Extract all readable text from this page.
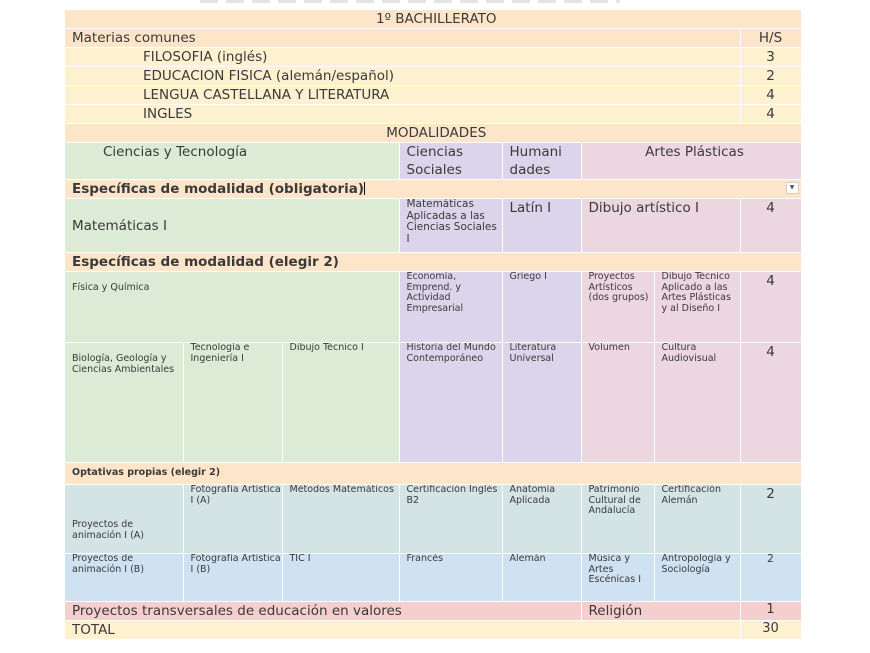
1º BACHILLERATO							
Materias comunes							H/S
FILOSOFIA (inglés)							3
EDUCACION FISICA (alemán/español)							2
LENGUA CASTELLANA Y LITERATURA							4
INGLES							4
MODALIDADES							
Ciencias y Tecnología			Ciencias Sociales	Humani dades	Artes Plásticas		
Específicas de modalidad (obligatoria) ▼							

Matemáticas I			Matemáticas Aplicadas a las Ciencias Sociales I	Latín I	Dibujo artístico I		4
Específicas de modalidad (elegir 2)							
Física y Química			Economía, Emprend. y Actividad Empresarial	Griego I	Proyectos Artísticos (dos grupos)	Dibujo Técnico Aplicado a las Artes Plásticas y al Diseño I	4
Biología, Geología y Ciencias Ambientales	Tecnología e Ingeniería I	Dibujo Técnico I	Historia del Mundo Contemporáneo	Literatura Universal	Volumen	Cultura Audiovisual	4
Optativas propias (elegir 2)							
Proyectos de animación I (A)	Fotografía Artística I (A)	Métodos Matemáticos	Certificación Inglés B2	Anatomía Aplicada	Patrimonio Cultural de Andalucía	Certificación Alemán	2
Proyectos de animación I (B)	Fotografía Artística I (B)	TIC I	Francés	Alemán	Música y Artes Escénicas I	Antropología y Sociología	2
Proyectos transversales de educación en valores					Religión		1
TOTAL							30
